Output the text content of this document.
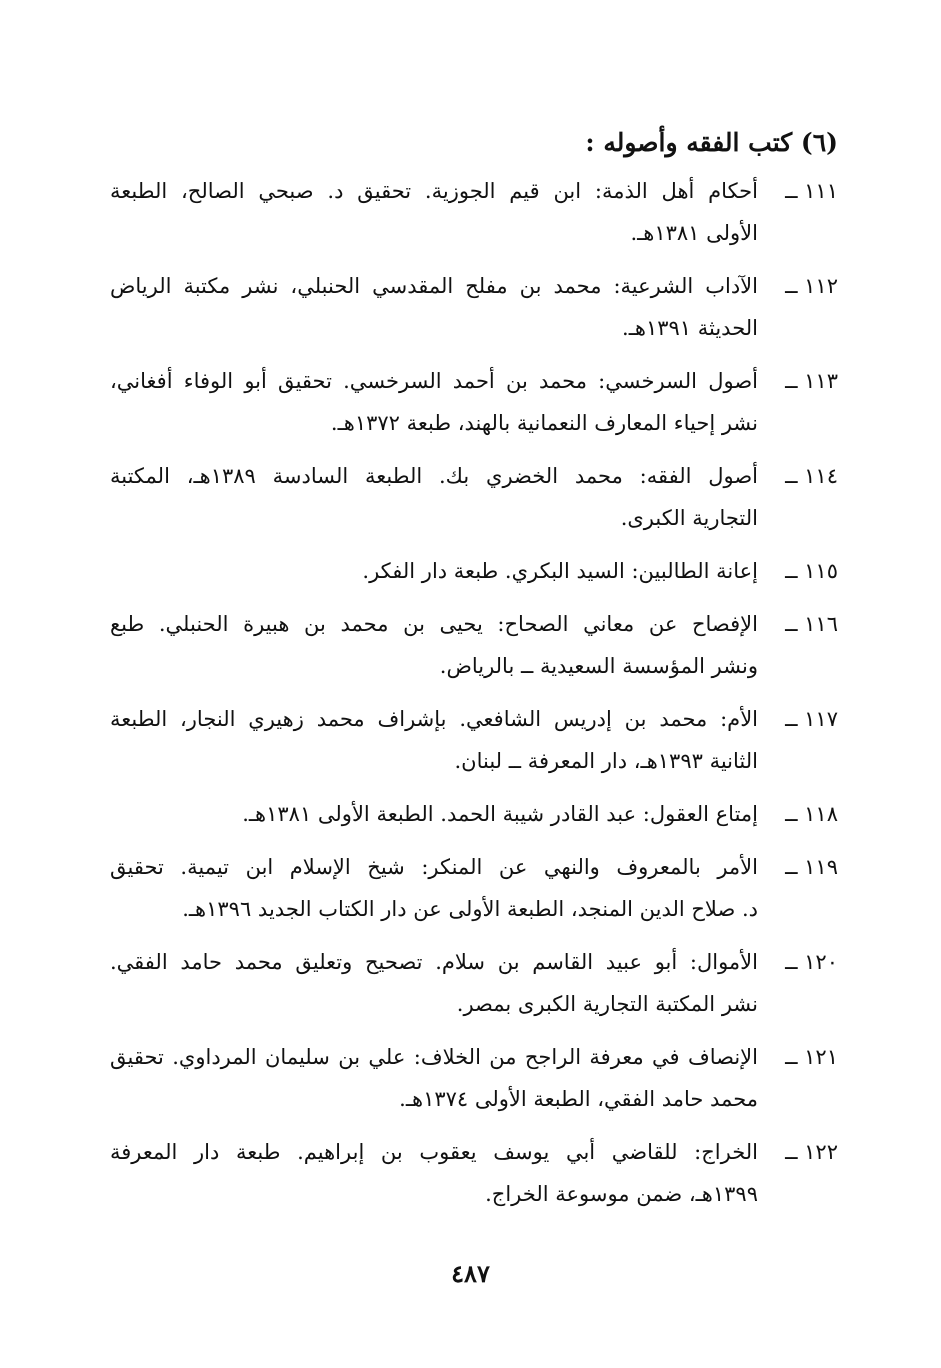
(٦) كتب الفقه وأصوله :
١١١ ــ
أحكام أهل الذمة: ابن قيم الجوزية. تحقيق د. صبحي الصالح، الطبعة
الأولى ١٣٨١هـ.
١١٢ ــ
الآداب الشرعية: محمد بن مفلح المقدسي الحنبلي، نشر مكتبة الرياض
الحديثة ١٣٩١هـ.
١١٣ ــ
أصول السرخسي: محمد بن أحمد السرخسي. تحقيق أبو الوفاء أفغاني،
نشر إحياء المعارف النعمانية بالهند، طبعة ١٣٧٢هـ.
١١٤ ــ
أصول الفقه: محمد الخضري بك. الطبعة السادسة ١٣٨٩هـ، المكتبة
التجارية الكبرى.
١١٥ ــ
إعانة الطالبين: السيد البكري. طبعة دار الفكر.
١١٦ ــ
الإفصاح عن معاني الصحاح: يحيى بن محمد بن هبيرة الحنبلي. طبع
ونشر المؤسسة السعيدية ــ بالرياض.
١١٧ ــ
الأم: محمد بن إدريس الشافعي. بإشراف محمد زهيري النجار، الطبعة
الثانية ١٣٩٣هـ، دار المعرفة ــ لبنان.
١١٨ ــ
إمتاع العقول: عبد القادر شيبة الحمد. الطبعة الأولى ١٣٨١هـ.
١١٩ ــ
الأمر بالمعروف والنهي عن المنكر: شيخ الإسلام ابن تيمية. تحقيق
د. صلاح الدين المنجد، الطبعة الأولى عن دار الكتاب الجديد ١٣٩٦هـ.
١٢٠ ــ
الأموال: أبو عبيد القاسم بن سلام. تصحيح وتعليق محمد حامد الفقي.
نشر المكتبة التجارية الكبرى بمصر.
١٢١ ــ
الإنصاف في معرفة الراجح من الخلاف: علي بن سليمان المرداوي. تحقيق
محمد حامد الفقي، الطبعة الأولى ١٣٧٤هـ.
١٢٢ ــ
الخراج: للقاضي أبي يوسف يعقوب بن إبراهيم. طبعة دار المعرفة
١٣٩٩هـ، ضمن موسوعة الخراج.
٤٨٧
